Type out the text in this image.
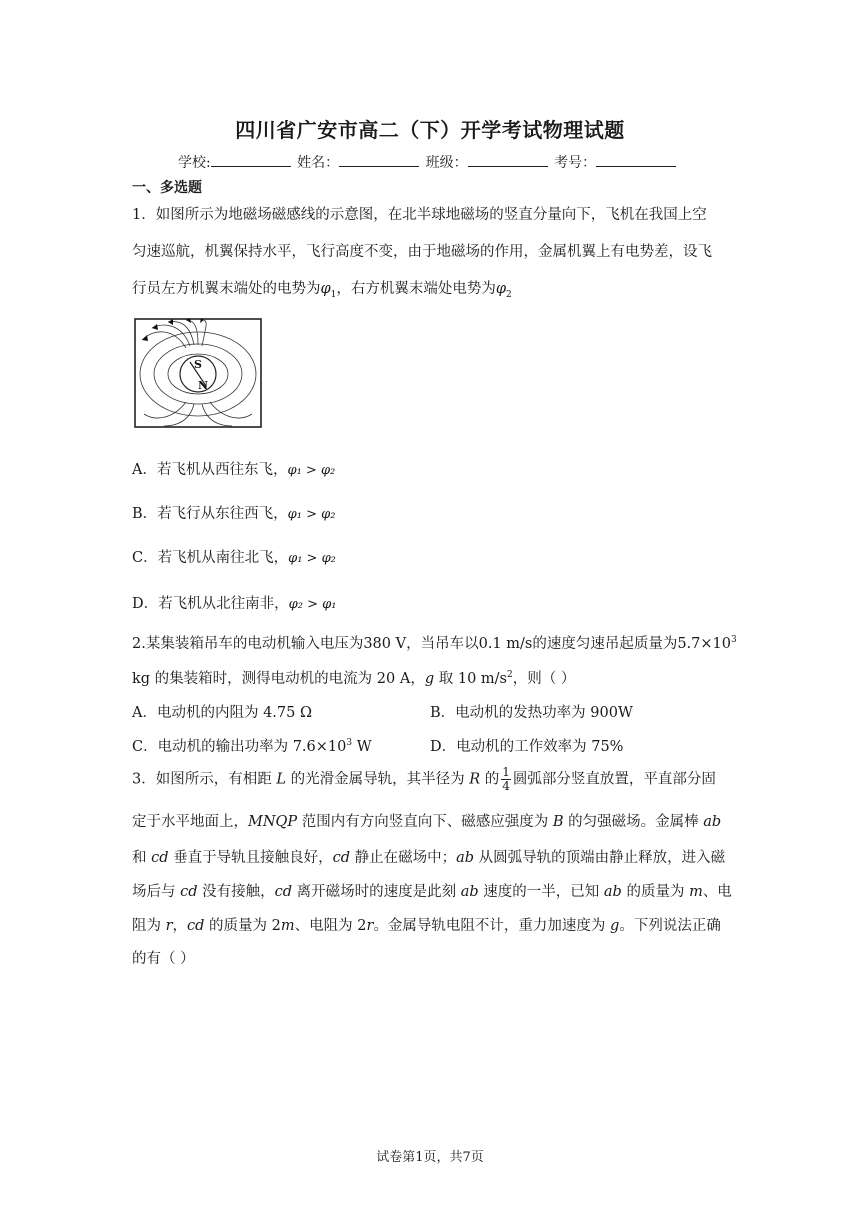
四川省广安市高二（下）开学考试物理试题
学校:	姓名：	班级：	考号：
一、多选题
1．如图所示为地磁场磁感线的示意图，在北半球地磁场的竖直分量向下，飞机在我国上空
匀速巡航，机翼保持水平，飞行高度不变，由于地磁场的作用，金属机翼上有电势差，设飞
行员左方机翼末端处的电势为$\varphi_1$，右方机翼末端处电势为$\varphi_2$
S
N
A．若飞机从西往东飞，φ₁ > φ₂
B．若飞行从东往西飞，φ₁ > φ₂
C．若飞机从南往北飞，φ₁ > φ₂
D．若飞机从北往南非，φ₂ > φ₁
2.某集装箱吊车的电动机输入电压为380 V，当吊车以0.1 m/s的速度匀速吊起质量为$5.7\times 10^3$
kg 的集装箱时，测得电动机的电流为 20 A，g 取 10 $m/s^2$，则（ ）
A．电动机的内阻为 4.75 Ω	B．电动机的发热功率为 900W
C．电动机的输出功率为 $7.6\times 10^3$ W	D．电动机的工作效率为 75%
3．如图所示，有相距 L 的光滑金属导轨，其半径为 R 的 $\frac{1}{4}$ 圆弧部分竖直放置，平直部分固
定于水平地面上，MNQP 范围内有方向竖直向下、磁感应强度为 B 的匀强磁场。金属棒 ab
和 cd 垂直于导轨且接触良好，cd 静止在磁场中；ab 从圆弧导轨的顶端由静止释放，进入磁
场后与 cd 没有接触，cd 离开磁场时的速度是此刻 ab 速度的一半，已知 ab 的质量为 m、电
阻为 r，cd 的质量为 2m、电阻为 2r。金属导轨电阻不计，重力加速度为 g。下列说法正确
的有（ ）
试卷第1页，共7页
